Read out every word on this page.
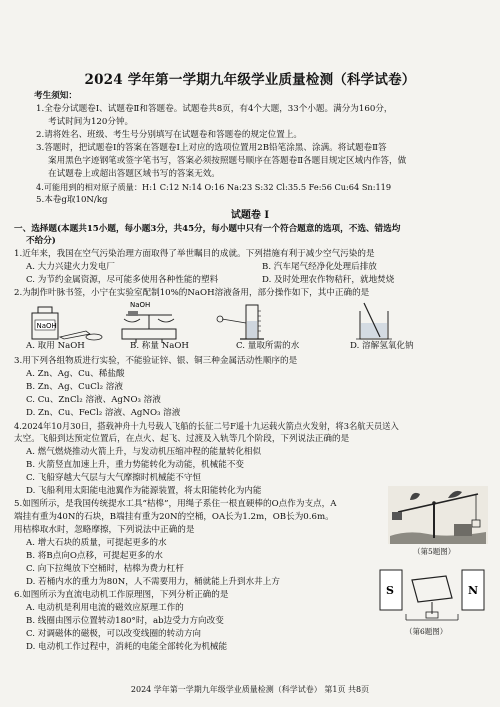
2024 学年第一学期九年级学业质量检测（科学试卷）
考生须知：
1.全卷分试题卷Ⅰ、试题卷Ⅱ和答题卷。试题卷共8页，有4个大题，33个小题。满分为160分，
考试时间为120分钟。
2.请将姓名、班级、考生号分别填写在试题卷和答题卷的规定位置上。
3.答题时，把试题卷Ⅰ的答案在答题卷Ⅰ上对应的选项位置用2B铅笔涂黑、涂满。将试题卷Ⅱ答
案用黑色字迹钢笔或签字笔书写，答案必须按照题号顺序在答题卷Ⅱ各题目规定区域内作答，做
在试题卷上或超出答题区域书写的答案无效。
4.可能用到的相对原子质量：H:1 C:12 N:14 O:16 Na:23 S:32 Cl:35.5 Fe:56 Cu:64 Sn:119
5.本卷g取10N/kg
试题卷 Ⅰ
一、选择题(本题共15小题，每小题3分，共45分，每小题中只有一个符合题意的选项，不选、错选均
不给分)
1.近年来，我国在空气污染治理方面取得了举世瞩目的成就。下列措施有利于减少空气污染的是
A. 大力兴建火力发电厂	B. 汽车尾气经净化处理后排放
C. 为节约金属资源，尽可能多使用各种性能的塑料	D. 及时处理农作物秸秆，就地焚烧
2.为制作叶脉书签，小宁在实验室配制10%的NaOH溶液备用，部分操作如下，其中正确的是
NaOH
NaOH
A. 取用 NaOH	B. 称量 NaOH	C. 量取所需的水	D. 溶解氢氧化钠
3.用下列各组物质进行实验，不能验证锌、银、铜三种金属活动性顺序的是
A. Zn、Ag、Cu、稀盐酸
B. Zn、Ag、CuCl₂ 溶液
C. Cu、ZnCl₂ 溶液、AgNO₃ 溶液
D. Zn、Cu、FeCl₂ 溶液、AgNO₃ 溶液
4.2024年10月30日，搭载神舟十九号载人飞船的长征二号F遥十九运载火箭点火发射，将3名航天员送入
太空。飞船到达预定位置后，在点火、起飞、过渡及入轨等几个阶段，下列说法正确的是
A. 燃气燃烧推动火箭上升，与发动机压缩冲程的能量转化相似
B. 火箭竖直加速上升，重力势能转化为动能，机械能不变
C. 飞船穿越大气层与大气摩擦时机械能不守恒
D. 飞船利用太阳能电池翼作为能源装置，将太阳能转化为内能
5.如图所示，是我国传统提水工具“桔槔”，用绳子系住一根直硬棒的O点作为支点，A
端挂有重为40N的石块，B端挂有重为20N的空桶，OA长为1.2m，OB长为0.6m。
用桔槔取水时，忽略摩擦，下列说法中正确的是
A. 增大石块的质量，可提起更多的水
B. 将B点向O点移，可提起更多的水
C. 向下拉绳放下空桶时，桔槔为费力杠杆
D. 若桶内水的重力为80N，人不需要用力，桶就能上升到水井上方
（第5题图）
6.如图所示为直流电动机工作原理图，下列分析正确的是
A. 电动机是利用电流的磁效应原理工作的
B. 线圈由图示位置转动180°时，ab边受力方向改变
C. 对调磁体的磁极，可以改变线圈的转动方向
D. 电动机工作过程中，消耗的电能全部转化为机械能
S	N
（第6题图）
2024 学年第一学期九年级学业质量检测（科学试卷） 第1页 共8页
